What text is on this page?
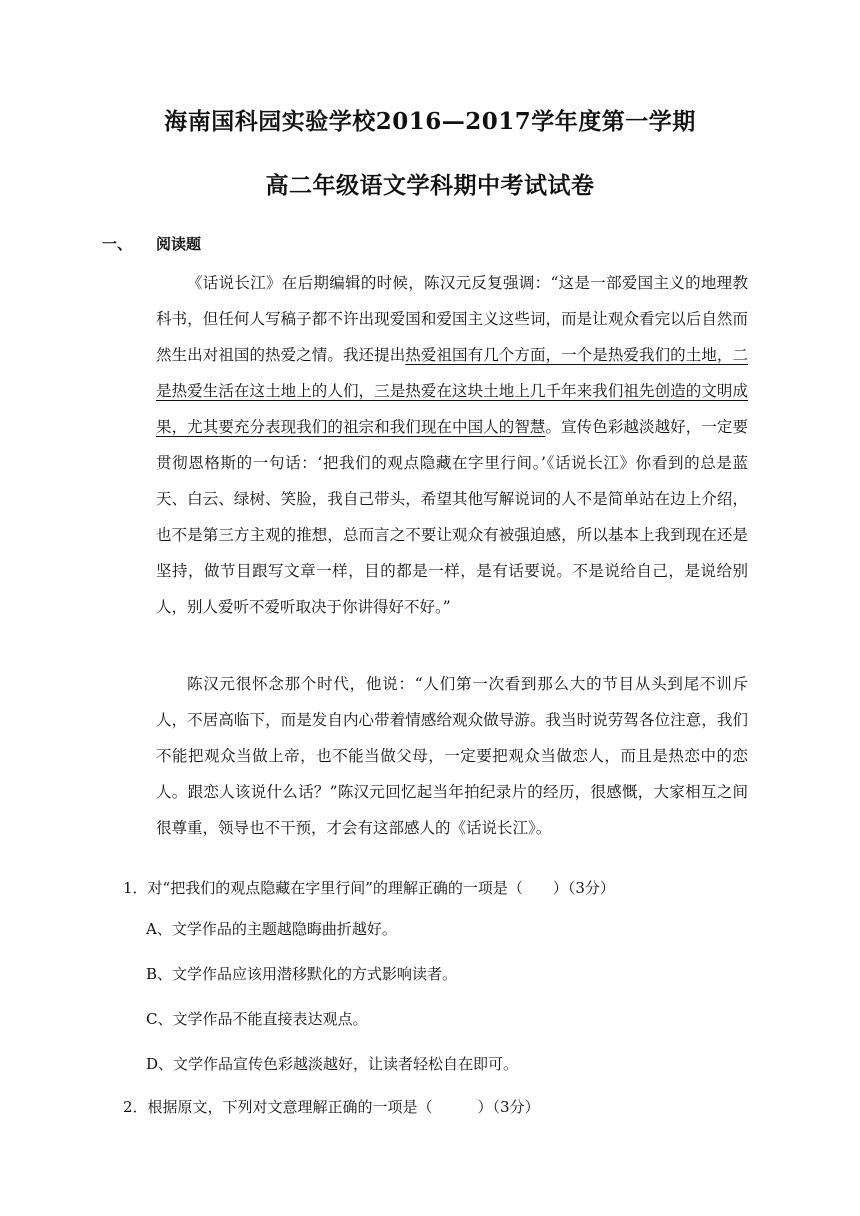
海南国科园实验学校2016—2017学年度第一学期
高二年级语文学科期中考试试卷
一、 阅读题
《话说长江》在后期编辑的时候，陈汉元反复强调：“这是一部爱国主义的地理教科书，但任何人写稿子都不许出现爱国和爱国主义这些词，而是让观众看完以后自然而然生出对祖国的热爱之情。我还提出热爱祖国有几个方面，一个是热爱我们的土地，二是热爱生活在这土地上的人们，三是热爱在这块土地上几千年来我们祖先创造的文明成果，尤其要充分表现我们的祖宗和我们现在中国人的智慧。宣传色彩越淡越好，一定要贯彻恩格斯的一句话：‘把我们的观点隐藏在字里行间。’《话说长江》你看到的总是蓝天、白云、绿树、笑脸，我自己带头，希望其他写解说词的人不是简单站在边上介绍，也不是第三方主观的推想，总而言之不要让观众有被强迫感，所以基本上我到现在还是坚持，做节目跟写文章一样，目的都是一样，是有话要说。不是说给自己，是说给别人，别人爱听不爱听取决于你讲得好不好。”
陈汉元很怀念那个时代，他说：“人们第一次看到那么大的节目从头到尾不训斥人，不居高临下，而是发自内心带着情感给观众做导游。我当时说劳驾各位注意，我们不能把观众当做上帝，也不能当做父母，一定要把观众当做恋人，而且是热恋中的恋人。跟恋人该说什么话？”陈汉元回忆起当年拍纪录片的经历，很感慨，大家相互之间很尊重，领导也不干预，才会有这部感人的《话说长江》。
1．对“把我们的观点隐藏在字里行间”的理解正确的一项是（　　）（3分）
A、文学作品的主题越隐晦曲折越好。
B、文学作品应该用潜移默化的方式影响读者。
C、文学作品不能直接表达观点。
D、文学作品宣传色彩越淡越好，让读者轻松自在即可。
2．根据原文，下列对文意理解正确的一项是（　　　）（3分）
